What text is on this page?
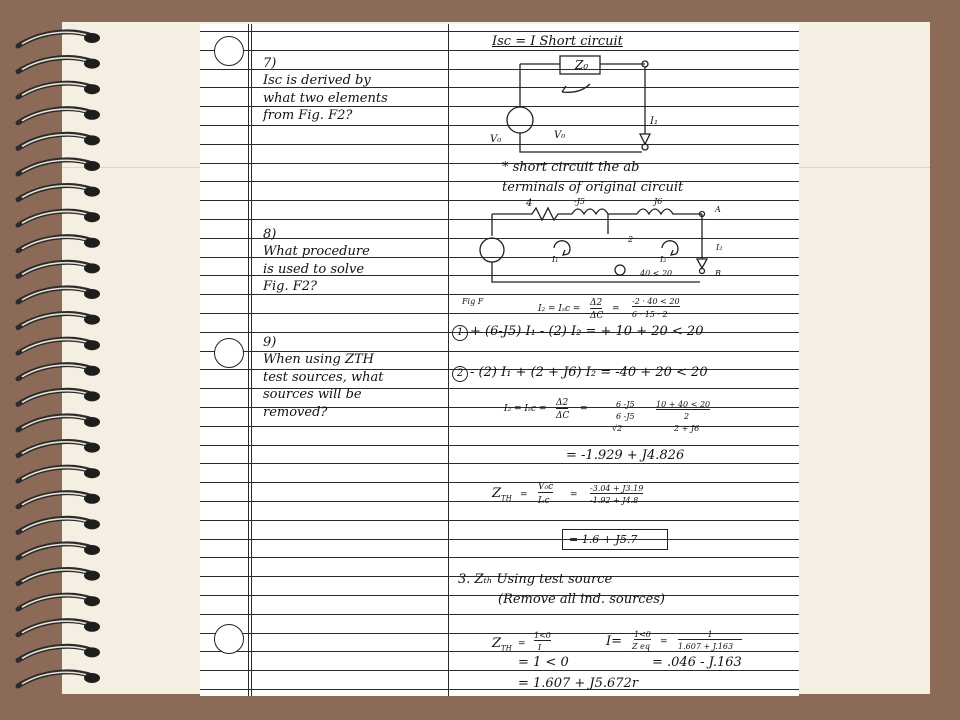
7)
Isc is derived by
what two elements
from Fig. F2?

8)
What procedure
is used to solve
Fig. F2?

9)
When using ZTH
test sources, what
sources will be
removed?

Isc = I Short circuit
Z₀
V₀	V₀
I₁
* short circuit the ab
terminals of original circuit
4	-J5	J6
A
B
2
I₁	I₂
I₂
40 < 20
Fig F
I₂ = Iₛc =
Δ2
ΔC
=
-2 · 40 < 20
6 · 15 · 2
1 + (6-J5) I₁ - (2) I₂ = + 10 + 20 < 20
2 - (2) I₁ + (2 + J6) I₂ = -40 + 20 < 20
I₂ = Iₛc =
Δ2
ΔC
=	6 -J5
6 -J5
√2
10 + 40 < 20
2
2 + J6
= -1.929 + J4.826
$Z_{TH}$ =
V₀c
Iₛc
=
-3.04 + J3.19
-1.92 + J4.8
= 1.6 + J5.7
3. Zₜₕ Using test source
(Remove all ind. sources)
$Z_{TH}$ =
1<0
I
= 1 < 0
I= 1<0
Z eq =
1
1.607 + J.163
= .046 - J.163
= 1.607 + J5.672r
